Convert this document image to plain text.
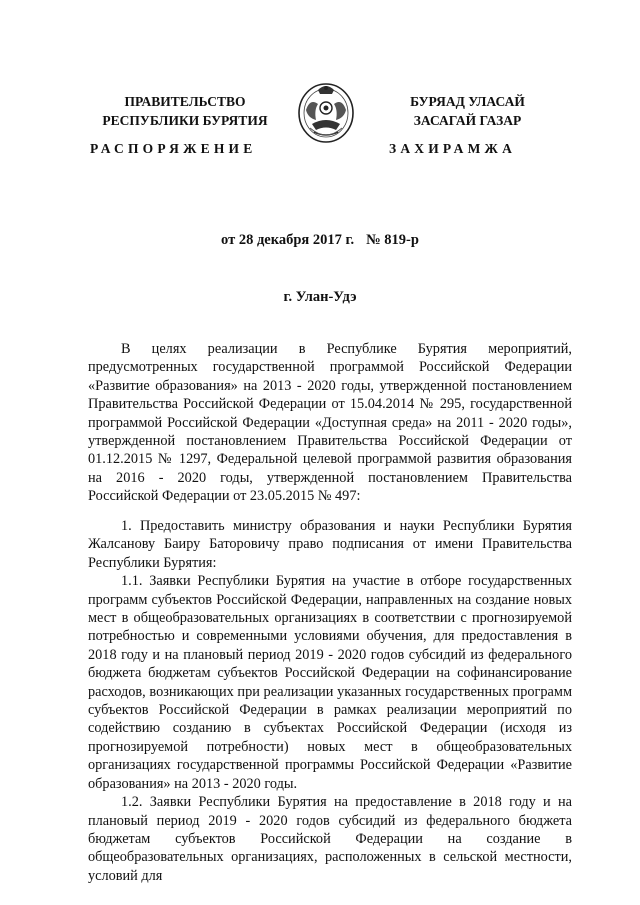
ПРАВИТЕЛЬСТВО
РЕСПУБЛИКИ БУРЯТИЯ
БУРЯАД УЛАСАЙ
ЗАСАГАЙ ГАЗАР
РАСПОРЯЖЕНИЕ	ЗАХИРАМЖА
от 28 декабря 2017 г. № 819-р
г. Улан-Удэ

В целях реализации в Республике Бурятия мероприятий, предусмотренных государственной программой Российской Федерации «Развитие образования» на 2013 - 2020 годы, утвержденной постановлением Правительства Российской Федерации от 15.04.2014 № 295, государственной программой Российской Федерации «Доступная среда» на 2011 - 2020 годы», утвержденной постановлением Правительства Российской Федерации от 01.12.2015 № 1297, Федеральной целевой программой развития образования на 2016 - 2020 годы, утвержденной постановлением Правительства Российской Федерации от 23.05.2015 № 497:

1. Предоставить министру образования и науки Республики Бурятия Жалсанову Баиру Баторовичу право подписания от имени Правительства Республики Бурятия:

1.1. Заявки Республики Бурятия на участие в отборе государственных программ субъектов Российской Федерации, направленных на создание новых мест в общеобразовательных организациях в соответствии с прогнозируемой потребностью и современными условиями обучения, для предоставления в 2018 году и на плановый период 2019 - 2020 годов субсидий из федерального бюджета бюджетам субъектов Российской Федерации на софинансирование расходов, возникающих при реализации указанных государственных программ субъектов Российской Федерации в рамках реализации мероприятий по содействию созданию в субъектах Российской Федерации (исходя из прогнозируемой потребности) новых мест в общеобразовательных организациях государственной программы Российской Федерации «Развитие образования» на 2013 - 2020 годы.

1.2. Заявки Республики Бурятия на предоставление в 2018 году и на плановый период 2019 - 2020 годов субсидий из федерального бюджета бюджетам субъектов Российской Федерации на создание в общеобразовательных организациях, расположенных в сельской местности, условий для
